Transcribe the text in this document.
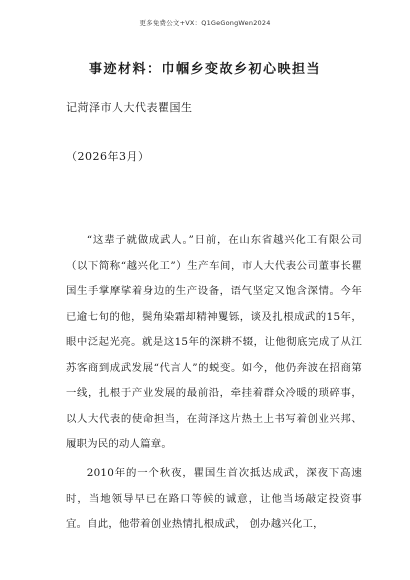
更多免费公文+VX：Q1GeGongWen2024
事迹材料：巾帼乡变故乡初心映担当
记菏泽市人大代表瞿国生
（2026年3月）

“这辈子就做成武人。”日前，在山东省越兴化工有限公司（以下简称“越兴化工”）生产车间，市人大代表公司董事长瞿国生手掌摩挲着身边的生产设备，语气坚定又饱含深情。今年已逾七旬的他，鬓角染霜却精神矍铄，谈及扎根成武的15年，眼中泛起光亮。就是这15年的深耕不辍，让他彻底完成了从江苏客商到成武发展“代言人”的蜕变。如今，他仍奔波在招商第一线，扎根于产业发展的最前沿，牵挂着群众冷暖的琐碎事，以人大代表的使命担当，在菏泽这片热土上书写着创业兴邦、履职为民的动人篇章。

2010年的一个秋夜，瞿国生首次抵达成武，深夜下高速时，当地领导早已在路口等候的诚意，让他当场敲定投资事宜。自此，他带着创业热情扎根成武， 创办越兴化工，
